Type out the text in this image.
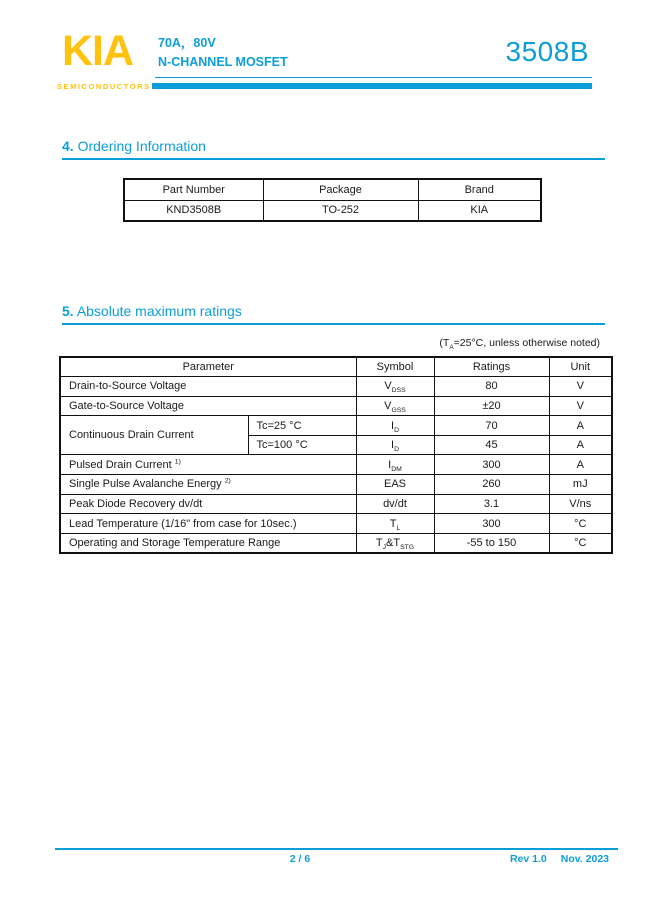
KIA
SEMICONDUCTORS
70A，80V
N-CHANNEL MOSFET	3508B
4. Ordering Information
Part Number	Package	Brand
KND3508B	TO-252	KIA
5. Absolute maximum ratings
($T_A=25^\circ C$, unless otherwise noted)
Parameter		Symbol	Ratings	Unit
Drain-to-Source Voltage		$V_{DSS}$	80	V
Gate-to-Source Voltage		$V_{GSS}$	±20	V
Continuous Drain Current	Tc=25 °C	$I_D$	70	A
	Tc=100 °C	$I_D$	45	A
Pulsed Drain Current $^{1)}$		$I_{DM}$	300	A
Single Pulse Avalanche Energy $^{2)}$		EAS	260	mJ
Peak Diode Recovery dv/dt		dv/dt	3.1	V/ns
Lead Temperature (1/16" from case for 10sec.)		$T_L$	300	°C
Operating and Storage Temperature Range		$T_J\&T_{STG}$	-55 to 150	°C
2 / 6	Rev 1.0 Nov. 2023
